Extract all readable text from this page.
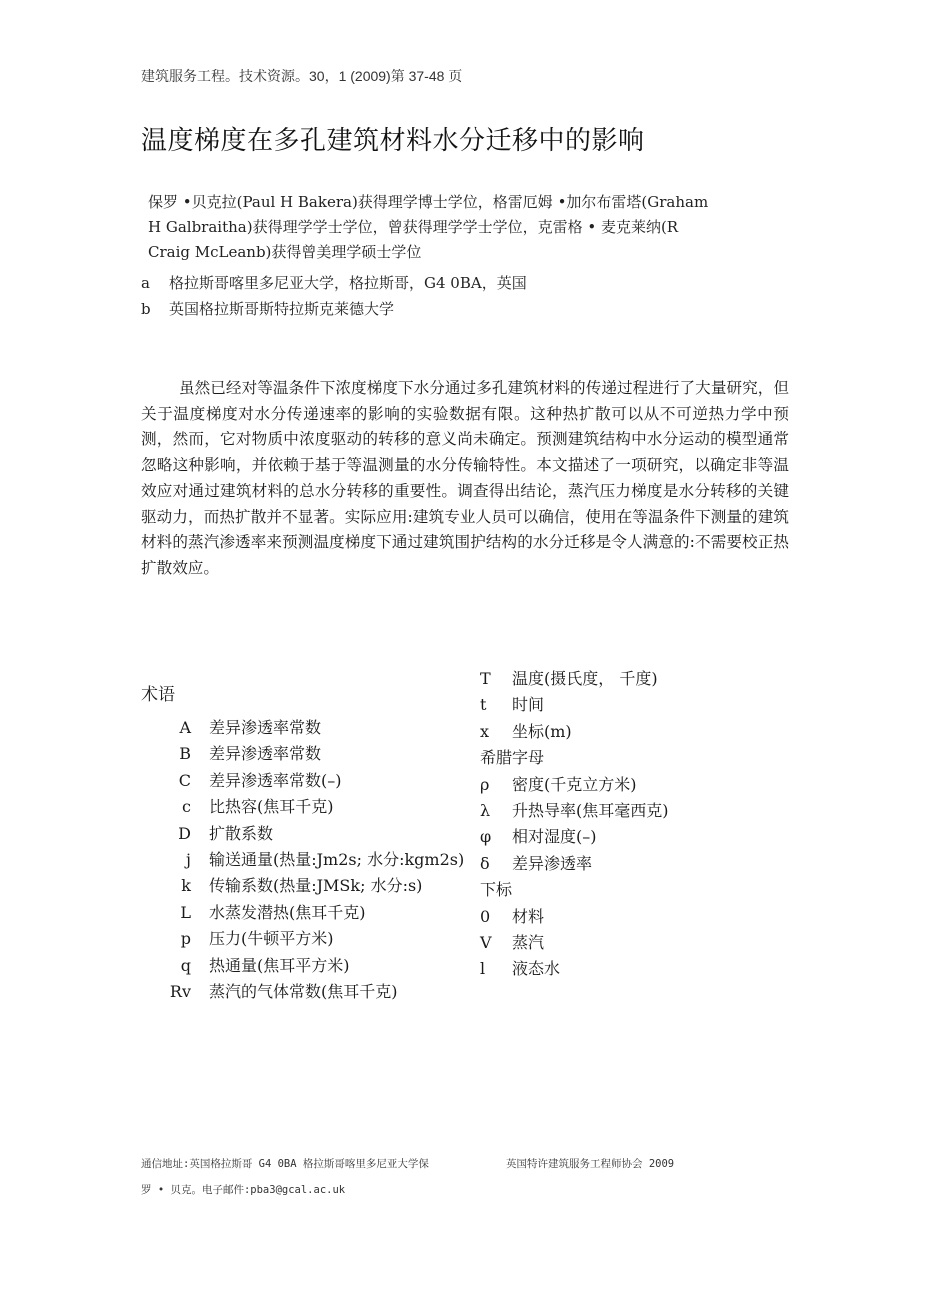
建筑服务工程。技术资源。30，1 (2009)第 37-48 页
温度梯度在多孔建筑材料水分迁移中的影响
保罗 •贝克拉(Paul H Bakera)获得理学博士学位，格雷厄姆 •加尔布雷塔(Graham
H Galbraitha)获得理学学士学位，曾获得理学学士学位，克雷格 • 麦克莱纳(R
Craig McLeanb)获得曾美理学硕士学位
a 格拉斯哥喀里多尼亚大学，格拉斯哥，G4 0BA，英国
b 英国格拉斯哥斯特拉斯克莱德大学
虽然已经对等温条件下浓度梯度下水分通过多孔建筑材料的传递过程进行了大量研究，但关于温度梯度对水分传递速率的影响的实验数据有限。这种热扩散可以从不可逆热力学中预测，然而，它对物质中浓度驱动的转移的意义尚未确定。预测建筑结构中水分运动的模型通常忽略这种影响，并依赖于基于等温测量的水分传输特性。本文描述了一项研究，以确定非等温效应对通过建筑材料的总水分转移的重要性。调查得出结论，蒸汽压力梯度是水分转移的关键驱动力，而热扩散并不显著。实际应用:建筑专业人员可以确信，使用在等温条件下测量的建筑材料的蒸汽渗透率来预测温度梯度下通过建筑围护结构的水分迁移是令人满意的:不需要校正热扩散效应。
术语
A 差异渗透率常数
B 差异渗透率常数
C 差异渗透率常数(–)
c 比热容(焦耳千克)
D 扩散系数
j 输送通量(热量:Jm2s; 水分:kgm2s)
k 传输系数(热量:JMSk; 水分:s)
L 水蒸发潜热(焦耳千克)
p 压力(牛顿平方米)
q 热通量(焦耳平方米)
Rv 蒸汽的气体常数(焦耳千克)
T 温度(摄氏度， 千度)
t 时间
x 坐标(m)
希腊字母
ρ 密度(千克立方米)
λ 升热导率(焦耳毫西克)
φ 相对湿度(–)
δ 差异渗透率
下标
0 材料
V 蒸汽
l 液态水
通信地址:英国格拉斯哥 G4 0BA 格拉斯哥喀里多尼亚大学保	英国特许建筑服务工程师协会 2009
罗 • 贝克。电子邮件:pba3@gcal.ac.uk
